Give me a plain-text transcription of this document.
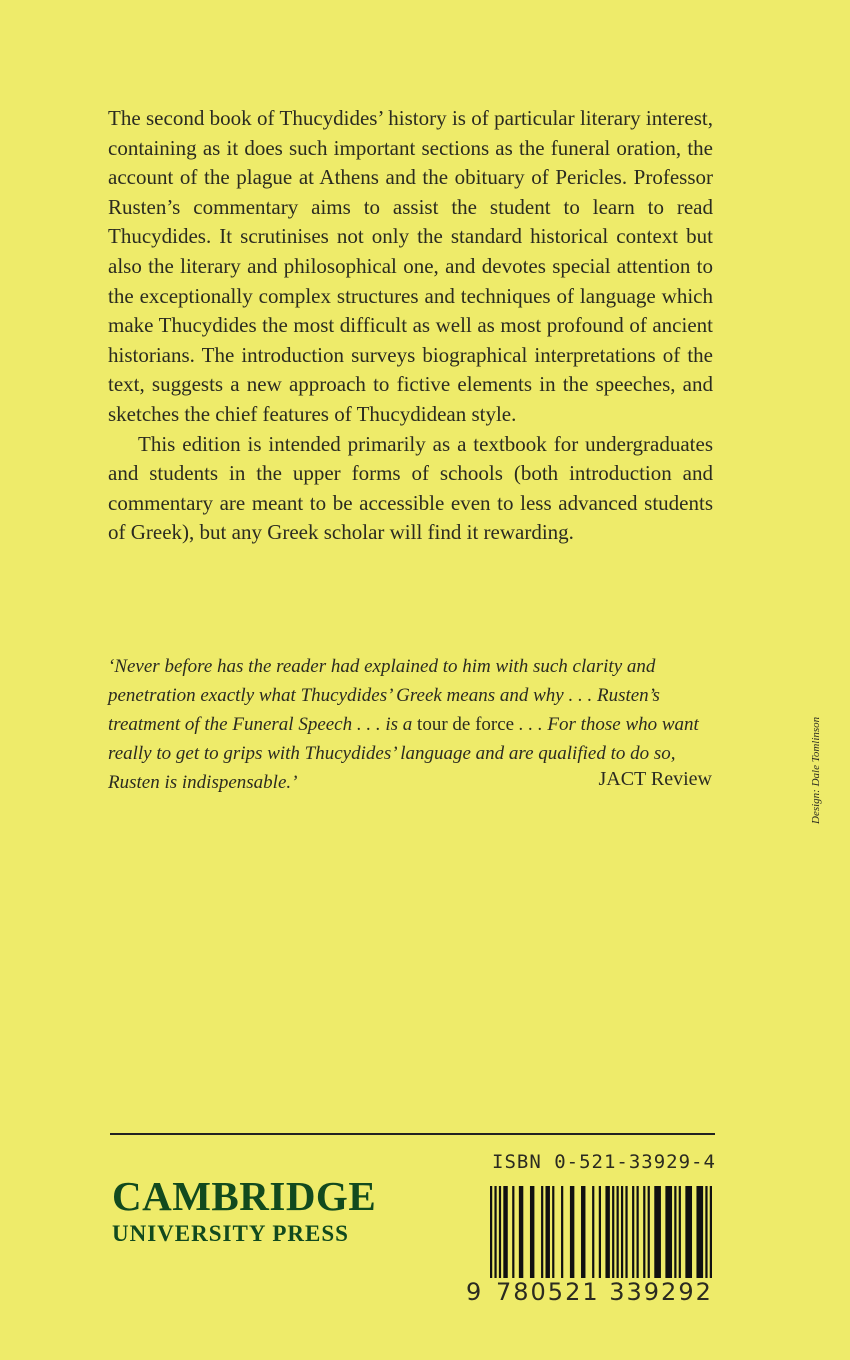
The second book of Thucydides’ history is of particular literary interest, containing as it does such important sections as the funeral oration, the account of the plague at Athens and the obituary of Pericles. Professor Rusten’s commentary aims to assist the student to learn to read Thucydides. It scrutinises not only the standard historical context but also the literary and philosophical one, and devotes special attention to the exceptionally complex structures and techniques of language which make Thucydides the most difficult as well as most profound of ancient historians. The introduction surveys biographical interpretations of the text, suggests a new approach to fictive elements in the speeches, and sketches the chief features of Thucydidean style.

This edition is intended primarily as a textbook for undergraduates and students in the upper forms of schools (both introduction and commentary are meant to be accessible even to less advanced students of Greek), but any Greek scholar will find it rewarding.

‘Never before has the reader had explained to him with such clarity and penetration exactly what Thucydides’ Greek means and why . . . Rusten’s treatment of the Funeral Speech . . . is a tour de force . . . For those who want really to get to grips with Thucydides’ language and are qualified to do so, Rusten is indispensable.’	JACT Review	Design: Dale Tomlinson
ISBN 0-521-33929-4
CAMBRIDGE
UNIVERSITY PRESS
9 780521 339292
